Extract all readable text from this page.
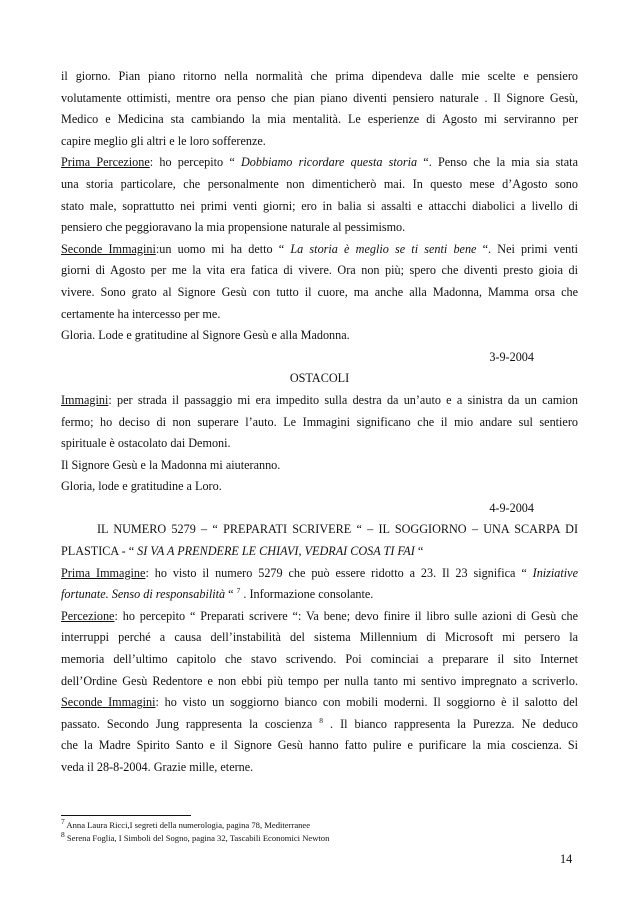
il giorno. Pian piano ritorno nella normalità che prima dipendeva dalle mie scelte e pensiero

volutamente ottimisti, mentre ora penso che pian piano diventi pensiero naturale . Il Signore Gesù,

Medico e Medicina sta cambiando la mia mentalità. Le esperienze di Agosto mi serviranno per

capire meglio gli altri e le loro sofferenze.

Prima Percezione: ho percepito “ Dobbiamo ricordare questa storia “. Penso che la mia sia stata

una storia particolare, che personalmente non dimenticherò mai. In questo mese d’Agosto sono

stato male, soprattutto nei primi venti giorni; ero in balia si assalti e attacchi diabolici a livello di

pensiero che peggioravano la mia propensione naturale al pessimismo.

Seconde Immagini:un uomo mi ha detto “ La storia è meglio se ti senti bene “. Nei primi venti

giorni di Agosto per me la vita era fatica di vivere. Ora non più; spero che diventi presto gioia di

vivere. Sono grato al Signore Gesù con tutto il cuore, ma anche alla Madonna, Mamma orsa che

certamente ha intercesso per me.

Gloria. Lode e gratitudine al Signore Gesù e alla Madonna.

3-9-2004

OSTACOLI

Immagini: per strada il passaggio mi era impedito sulla destra da un’auto e a sinistra da un camion

fermo; ho deciso di non superare l’auto. Le Immagini significano che il mio andare sul sentiero

spirituale è ostacolato dai Demoni.

Il Signore Gesù e la Madonna mi aiuteranno.

Gloria, lode e gratitudine a Loro.

4-9-2004

IL NUMERO 5279 – “ PREPARATI SCRIVERE “ – IL SOGGIORNO – UNA SCARPA DI

PLASTICA - “ SI VA A PRENDERE LE CHIAVI, VEDRAI COSA TI FAI “

Prima Immagine: ho visto il numero 5279 che può essere ridotto a 23. Il 23 significa “ Iniziative

fortunate. Senso di responsabilità “ $^7$ . Informazione consolante.

Percezione: ho percepito “ Preparati scrivere “: Va bene; devo finire il libro sulle azioni di Gesù che

interruppi perché a causa dell’instabilità del sistema Millennium di Microsoft mi persero la

memoria dell’ultimo capitolo che stavo scrivendo. Poi cominciai a preparare il sito Internet

dell’Ordine Gesù Redentore e non ebbi più tempo per nulla tanto mi sentivo impregnato a scriverlo.

Seconde Immagini: ho visto un soggiorno bianco con mobili moderni. Il soggiorno è il salotto del

passato. Secondo Jung rappresenta la coscienza $^8$ . Il bianco rappresenta la Purezza. Ne deduco

che la Madre Spirito Santo e il Signore Gesù hanno fatto pulire e purificare la mia coscienza. Si

veda il 28-8-2004. Grazie mille, eterne.

$^7$ Anna Laura Ricci,I segreti della numerologia, pagina 78, Mediterranee
$^8$ Serena Foglia, I Simboli del Sogno, pagina 32, Tascabili Economici Newton
14
